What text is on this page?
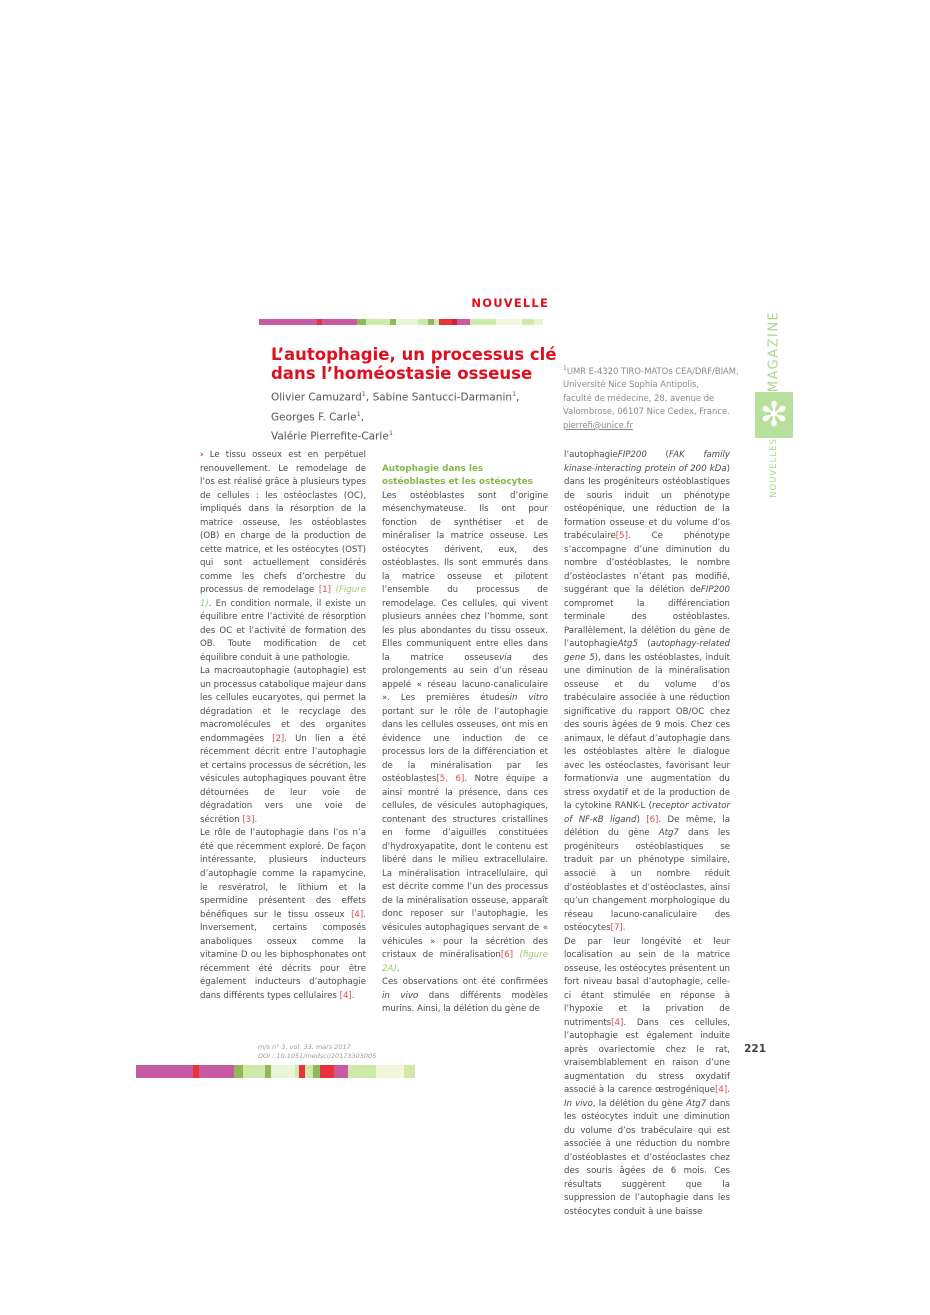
NOUVELLE
L’autophagie, un processus clé
dans l’homéostasie osseuse
Olivier Camuzard$^1$, Sabine Santucci-Darmanin$^1$, Georges F. Carle$^1$,
Valérie Pierrefite-Carle$^1$
$^1$UMR E-4320 TIRO-MATOs CEA/DRF/BIAM,
Université Nice Sophia Antipolis,
faculté de médecine, 28, avenue de
Valombrose, 06107 Nice Cedex, France.
pierrefi@unice.fr

› Le tissu osseux est en perpétuel renouvellement. Le remodelage de l’os est réalisé grâce à plusieurs types de cellules : les ostéoclastes (OC), impliqués dans la résorption de la matrice osseuse, les ostéoblastes (OB) en charge de la production de cette matrice, et les ostéocytes (OST) qui sont actuellement considérés comme les chefs d’orchestre du processus de remodelage [1] (Figure 1). En condition normale, il existe un équilibre entre l’activité de résorption des OC et l’activité de formation des OB. Toute modification de cet équilibre conduit à une pathologie.

La macroautophagie (autophagie) est un processus catabolique majeur dans les cellules eucaryotes, qui permet la dégradation et le recyclage des macromolécules et des organites endommagées [2]. Un lien a été récemment décrit entre l’autophagie et certains processus de sécrétion, les vésicules autophagiques pouvant être détournées de leur voie de dégradation vers une voie de sécrétion [3].

Le rôle de l’autophagie dans l’os n’a été que récemment exploré. De façon intéressante, plusieurs inducteurs d’autophagie comme la rapamycine, le resvératrol, le lithium et la spermidine présentent des effets bénéfiques sur le tissu osseux [4]. Inversement, certains composés anaboliques osseux comme la vitamine D ou les biphosphonates ont récemment été décrits pour être également inducteurs d’autophagie dans différents types cellulaires [4].

Autophagie dans les ostéoblastes et les ostéocytes

Les ostéoblastes sont d’origine mésenchymateuse. Ils ont pour fonction de synthétiser et de minéraliser la matrice osseuse. Les ostéocytes dérivent, eux, des ostéoblastes. Ils sont emmurés dans la matrice osseuse et pilotent l’ensemble du processus de remodelage. Ces cellules, qui vivent plusieurs années chez l’homme, sont les plus abondantes du tissu osseux. Elles communiquent entre elles dans la matrice osseusevia des prolongements au sein d’un réseau appelé « réseau lacuno-canaliculaire ». Les premières étudesin vitro portant sur le rôle de l’autophagie dans les cellules osseuses, ont mis en évidence une induction de ce processus lors de la différenciation et de la minéralisation par les ostéoblastes[5, 6]. Notre équipe a ainsi montré la présence, dans ces cellules, de vésicules autophagiques, contenant des structures cristallines en forme d’aiguilles constituées d’hydroxyapatite, dont le contenu est libéré dans le milieu extracellulaire. La minéralisation intracellulaire, qui est décrite comme l’un des processus de la minéralisation osseuse, apparaît donc reposer sur l’autophagie, les vésicules autophagiques servant de « véhicules » pour la sécrétion des cristaux de minéralisation[6] (figure 2A).

Ces observations ont été confirmées in vivo dans différents modèles murins. Ainsi, la délétion du gène de

l’autophagieFIP200 (FAK family kinase-interacting protein of 200 kDa) dans les progéniteurs ostéoblastiques de souris induit un phénotype ostéopénique, une réduction de la formation osseuse et du volume d’os trabéculaire[5]. Ce phénotype s’accompagne d’une diminution du nombre d’ostéoblastes, le nombre d’ostéoclastes n’étant pas modifié, suggérant que la délétion deFIP200 compromet la différenciation terminale des ostéoblastes. Parallèlement, la délétion du gène de l’autophagieAtg5 (autophagy-related gene 5), dans les ostéoblastes, induit une diminution de la minéralisation osseuse et du volume d’os trabéculaire associée à une réduction significative du rapport OB/OC chez des souris âgées de 9 mois. Chez ces animaux, le défaut d’autophagie dans les ostéoblastes altère le dialogue avec les ostéoclastes, favorisant leur formationvia une augmentation du stress oxydatif et de la production de la cytokine RANK-L (receptor activator of NF-κB ligand) [6]. De même, la délétion du gène Atg7 dans les progéniteurs ostéoblastiques se traduit par un phénotype similaire, associé à un nombre réduit d’ostéoblastes et d’ostéoclastes, ainsi qu’un changement morphologique du réseau lacuno-canaliculaire des ostéocytes[7].

De par leur longévité et leur localisation au sein de la matrice osseuse, les ostéocytes présentent un fort niveau basal d’autophagie, celle-ci étant stimulée en réponse à l’hypoxie et la privation de nutriments[4]. Dans ces cellules, l’autophagie est également induite après ovariectomie chez le rat, vraisemblablement en raison d’une augmentation du stress oxydatif associé à la carence œstrogénique[4]. In vivo, la délétion du gène Atg7 dans les ostéocytes induit une diminution du volume d’os trabéculaire qui est associée à une réduction du nombre d’ostéoblastes et d’ostéoclastes chez des souris âgées de 6 mois. Ces résultats suggèrent que la suppression de l’autophagie dans les ostéocytes conduit à une baisse

m/s n° 3, vol. 33, mars 2017
DOI : 10.1051/medsci/20173303005
221
MAGAZINE
✻
NOUVELLES
